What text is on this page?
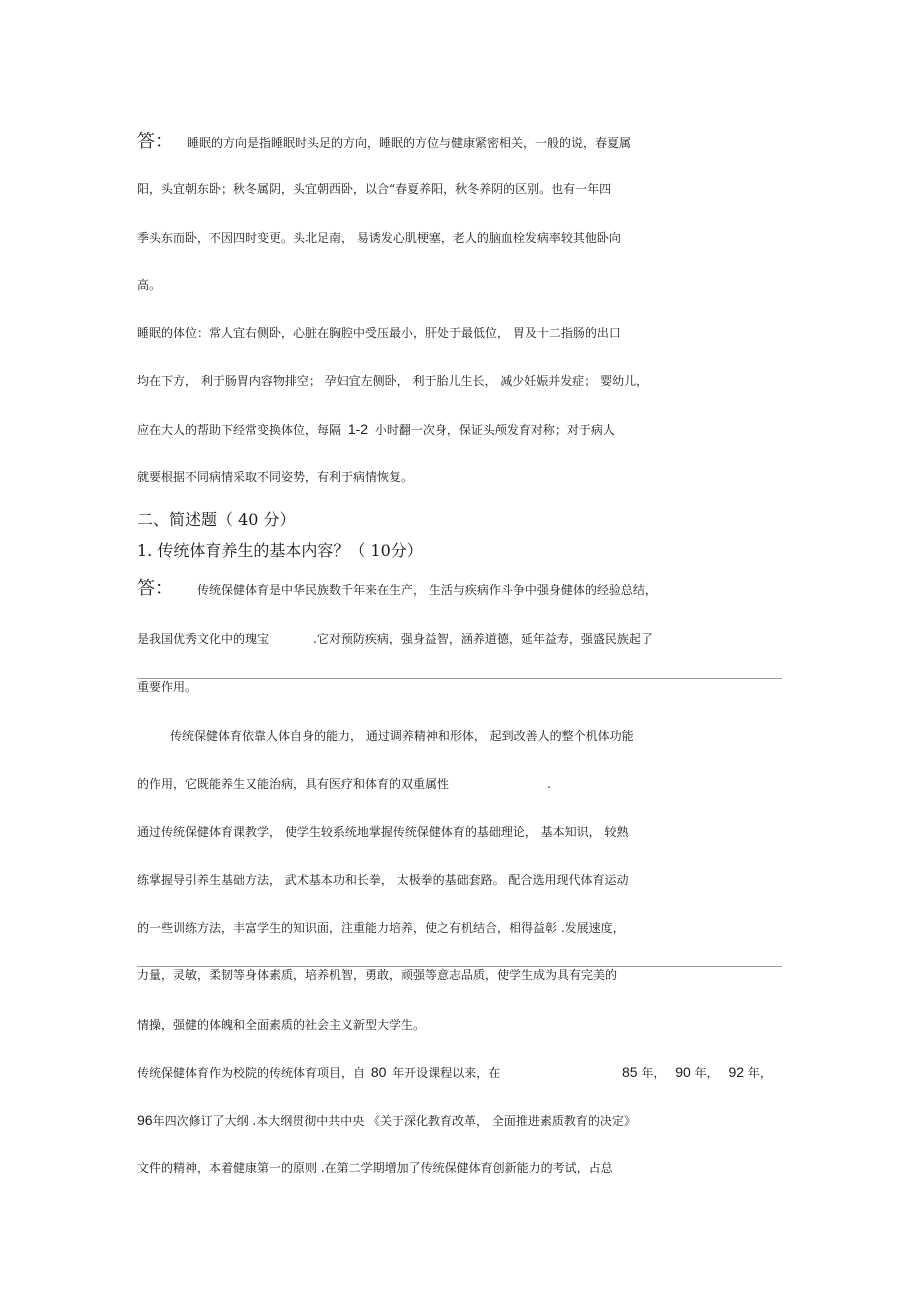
答： 睡眠的方向是指睡眠时头足的方向，睡眠的方位与健康紧密相关，一般的说，春夏属
阳，头宜朝东卧；秋冬属阴，头宜朝西卧，以合“春夏养阳，秋冬养阴的区别。也有一年四
季头东而卧，不因四时变更。头北足南， 易诱发心肌梗塞，老人的脑血栓发病率较其他卧向
高。
睡眠的体位：常人宜右侧卧，心脏在胸腔中受压最小，肝处于最低位， 胃及十二指肠的出口
均在下方， 利于肠胃内容物排空； 孕妇宜左侧卧， 利于胎儿生长， 减少妊娠并发症； 婴幼儿，
应在大人的帮助下经常变换体位，每隔 1-2 小时翻一次身，保证头颅发育对称；对于病人
就要根据不同病情采取不同姿势，有利于病情恢复。
二、简述题（ 40 分）
1. 传统体育养生的基本内容？（ 10分）
答： 传统保健体育是中华民族数千年来在生产， 生活与疾病作斗争中强身健体的经验总结，
是我国优秀文化中的瑰宝	.它对预防疾病，强身益智，涵养道德，延年益寿，强盛民族起了
重要作用。
传统保健体育依靠人体自身的能力， 通过调养精神和形体， 起到改善人的整个机体功能
的作用，它既能养生又能治病，具有医疗和体育的双重属性	.
通过传统保健体育课教学， 使学生较系统地掌握传统保健体育的基础理论， 基本知识， 较熟
练掌握导引养生基础方法， 武术基本功和长拳， 太极拳的基础套路。 配合选用现代体育运动
的一些训练方法，丰富学生的知识面，注重能力培养，使之有机结合，相得益彰 .发展速度，
力量，灵敏，柔韧等身体素质，培养机智，勇敢，顽强等意志品质，使学生成为具有完美的
情操，强健的体魄和全面素质的社会主义新型大学生。
传统保健体育作为校院的传统体育项目，自 80 年开设课程以来，在	85 年， 90 年， 92 年，
96年四次修订了大纲 .本大纲贯彻中共中央 《关于深化教育改革， 全面推进素质教育的决定》
文件的精神，本着健康第一的原则 .在第二学期增加了传统保健体育创新能力的考试，占总
